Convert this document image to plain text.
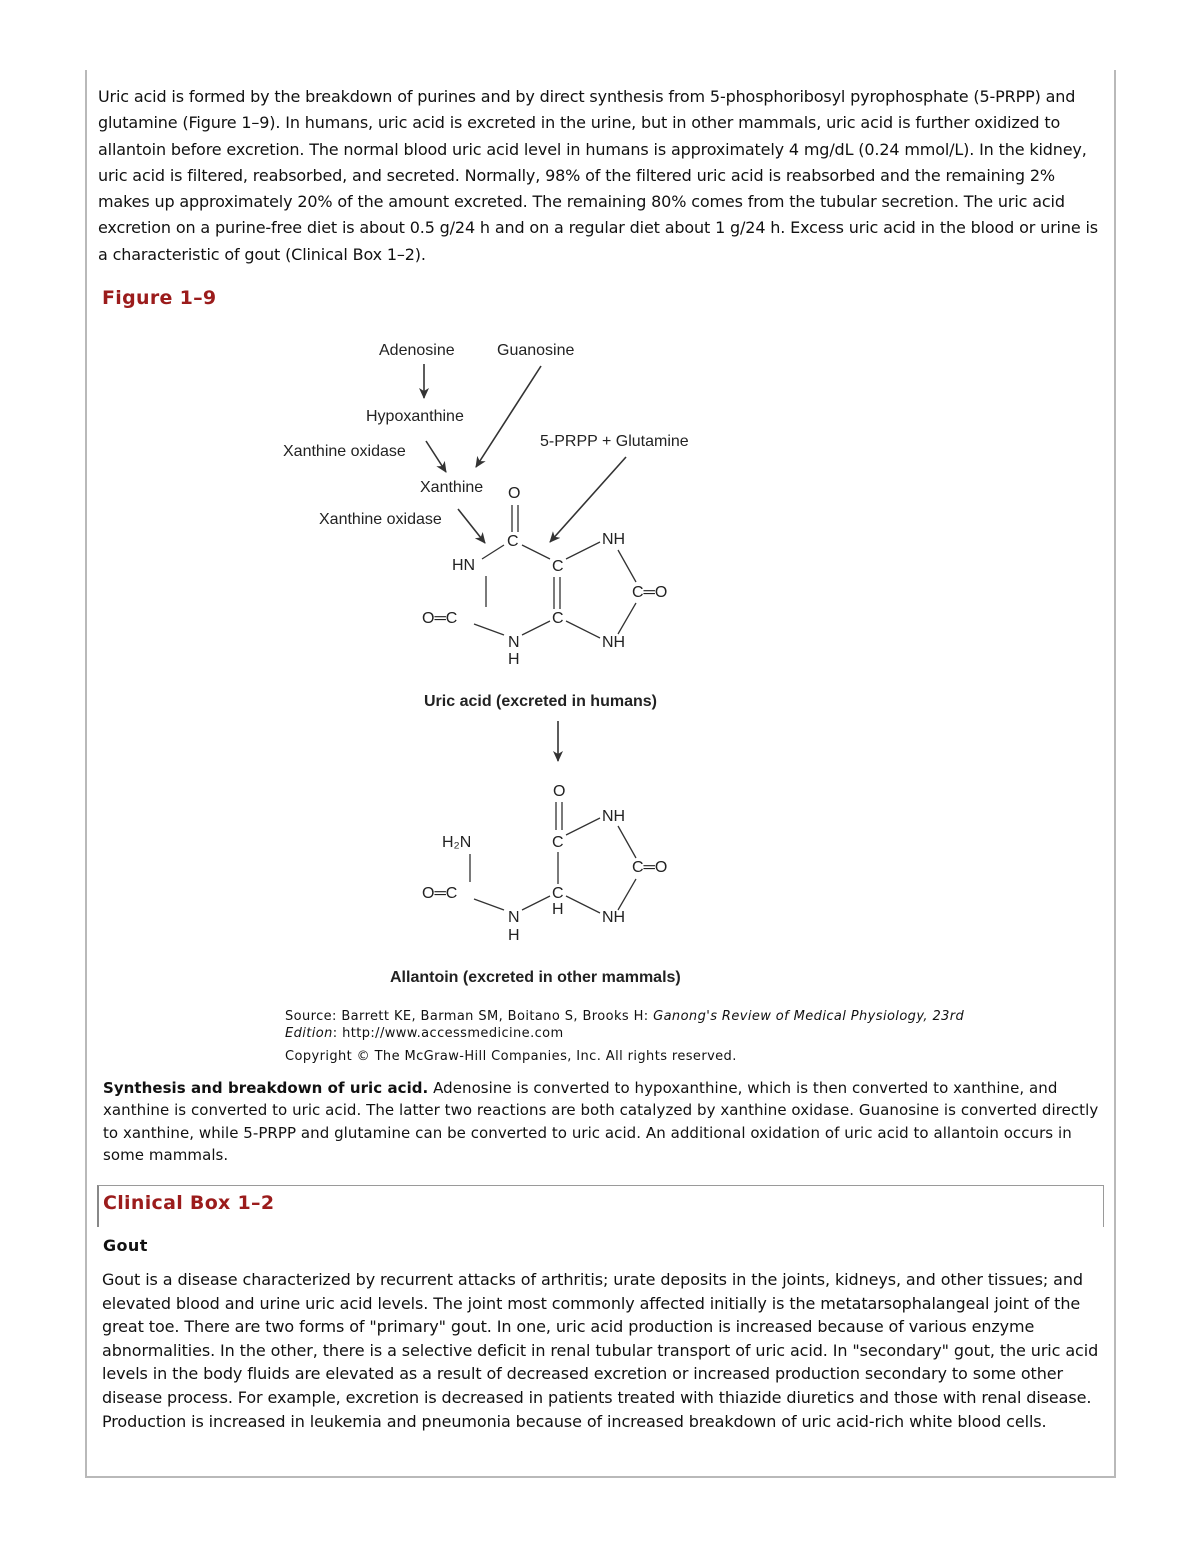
Uric acid is formed by the breakdown of purines and by direct synthesis from 5-phosphoribosyl pyrophosphate (5-PRPP) and glutamine (Figure 1–9). In humans, uric acid is excreted in the urine, but in other mammals, uric acid is further oxidized to allantoin before excretion. The normal blood uric acid level in humans is approximately 4 mg/dL (0.24 mmol/L). In the kidney, uric acid is filtered, reabsorbed, and secreted. Normally, 98% of the filtered uric acid is reabsorbed and the remaining 2% makes up approximately 20% of the amount excreted. The remaining 80% comes from the tubular secretion. The uric acid excretion on a purine-free diet is about 0.5 g/24 h and on a regular diet about 1 g/24 h. Excess uric acid in the blood or urine is a characteristic of gout (Clinical Box 1–2).

Figure 1–9
Adenosine	Guanosine
Hypoxanthine
Xanthine oxidase
5-PRPP + Glutamine
Xanthine
Xanthine oxidase
O
C	NH
HN	C
C═O
O═C	C
N	NH
H
Uric acid (excreted in humans)
O
NH
H₂N	C
C═O
O═C	C
H
N	NH
H
Allantoin (excreted in other mammals)

Source: Barrett KE, Barman SM, Boitano S, Brooks H: Ganong's Review of Medical Physiology, 23rd Edition: http://www.accessmedicine.com

Copyright © The McGraw-Hill Companies, Inc. All rights reserved.

Synthesis and breakdown of uric acid. Adenosine is converted to hypoxanthine, which is then converted to xanthine, and xanthine is converted to uric acid. The latter two reactions are both catalyzed by xanthine oxidase. Guanosine is converted directly to xanthine, while 5-PRPP and glutamine can be converted to uric acid. An additional oxidation of uric acid to allantoin occurs in some mammals.

Clinical Box 1–2
Gout

Gout is a disease characterized by recurrent attacks of arthritis; urate deposits in the joints, kidneys, and other tissues; and elevated blood and urine uric acid levels. The joint most commonly affected initially is the metatarsophalangeal joint of the great toe. There are two forms of "primary" gout. In one, uric acid production is increased because of various enzyme abnormalities. In the other, there is a selective deficit in renal tubular transport of uric acid. In "secondary" gout, the uric acid levels in the body fluids are elevated as a result of decreased excretion or increased production secondary to some other disease process. For example, excretion is decreased in patients treated with thiazide diuretics and those with renal disease. Production is increased in leukemia and pneumonia because of increased breakdown of uric acid-rich white blood cells.
